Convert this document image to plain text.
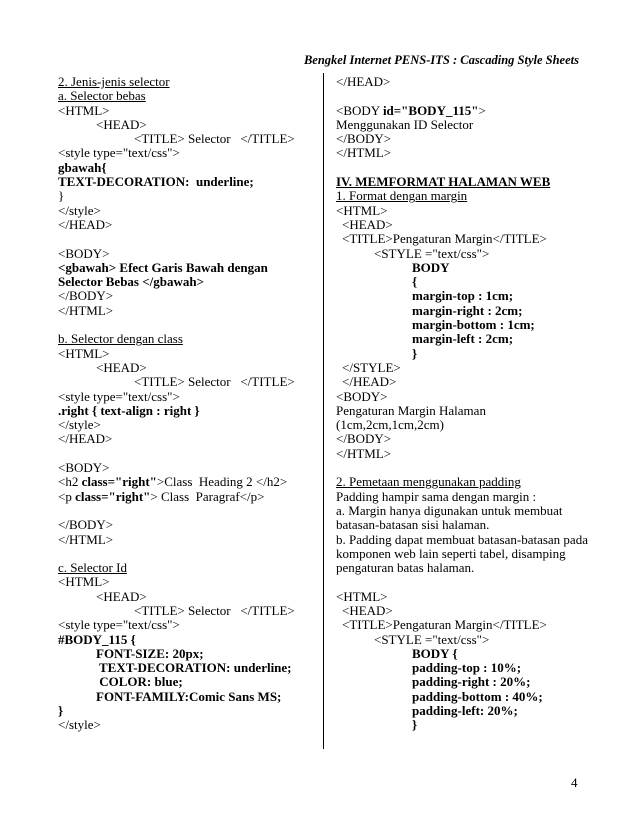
Bengkel Internet PENS-ITS : Cascading Style Sheets
2. Jenis-jenis selector
a. Selector bebas
<HTML>
<HEAD>
<TITLE> Selector   </TITLE>
<style type="text/css">
gbawah{
TEXT-DECORATION:  underline;
}
</style>
</HEAD>
<BODY>
<gbawah> Efect Garis Bawah dengan
Selector Bebas </gbawah>
</BODY>
</HTML>
b. Selector dengan class
<HTML>
<HEAD>
<TITLE> Selector   </TITLE>
<style type="text/css">
.right { text-align : right }
</style>
</HEAD>
<BODY>
<h2 class="right">Class  Heading 2 </h2>
<p class="right"> Class  Paragraf</p>
</BODY>
</HTML>
c. Selector Id
<HTML>
<HEAD>
<TITLE> Selector   </TITLE>
<style type="text/css">
#BODY_115 {
FONT-SIZE: 20px;
TEXT-DECORATION: underline;
COLOR: blue;
FONT-FAMILY:Comic Sans MS;
}
</style>
</HEAD>
<BODY id="BODY_115">
Menggunakan ID Selector
</BODY>
</HTML>
IV. MEMFORMAT HALAMAN WEB
1. Format dengan margin
<HTML>
<HEAD>
<TITLE>Pengaturan Margin</TITLE>
<STYLE ="text/css">
BODY
{
margin-top : 1cm;
margin-right : 2cm;
margin-bottom : 1cm;
margin-left : 2cm;
}
</STYLE>
</HEAD>
<BODY>
Pengaturan Margin Halaman
(1cm,2cm,1cm,2cm)
</BODY>
</HTML>
2. Pemetaan menggunakan padding
Padding hampir sama dengan margin :
a. Margin hanya digunakan untuk membuat
batasan-batasan sisi halaman.
b. Padding dapat membuat batasan-batasan pada
komponen web lain seperti tabel, disamping
pengaturan batas halaman.
<HTML>
<HEAD>
<TITLE>Pengaturan Margin</TITLE>
<STYLE ="text/css">
BODY {
padding-top : 10%;
padding-right : 20%;
padding-bottom : 40%;
padding-left: 20%;
}
4
